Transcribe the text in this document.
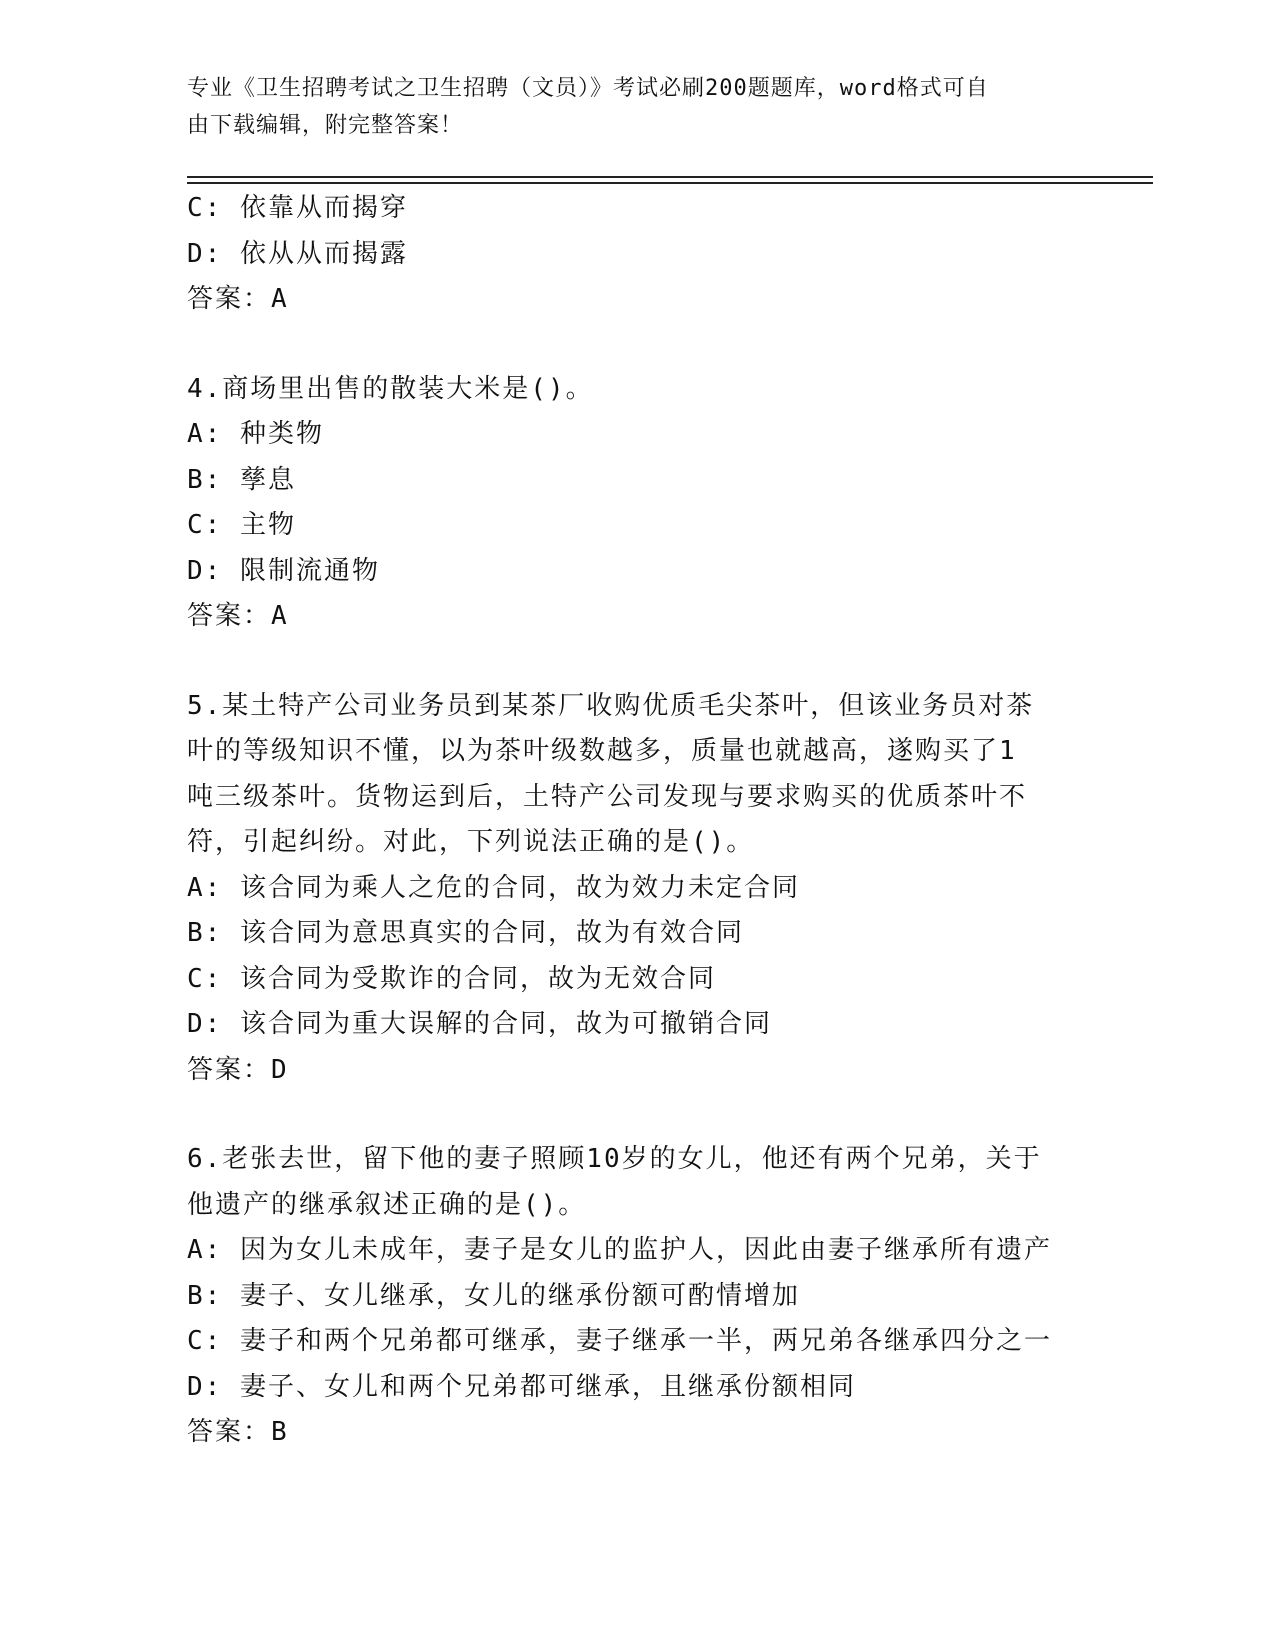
专业《卫生招聘考试之卫生招聘（文员）》考试必刷200题题库，word格式可自
由下载编辑，附完整答案！
C: 依靠从而揭穿
D: 依从从而揭露
答案：A
4.商场里出售的散装大米是()。
A: 种类物
B: 孳息
C: 主物
D: 限制流通物
答案：A
5.某土特产公司业务员到某茶厂收购优质毛尖茶叶，但该业务员对茶
叶的等级知识不懂，以为茶叶级数越多，质量也就越高，遂购买了1
吨三级茶叶。货物运到后，土特产公司发现与要求购买的优质茶叶不
符，引起纠纷。对此，下列说法正确的是()。
A: 该合同为乘人之危的合同，故为效力未定合同
B: 该合同为意思真实的合同，故为有效合同
C: 该合同为受欺诈的合同，故为无效合同
D: 该合同为重大误解的合同，故为可撤销合同
答案：D
6.老张去世，留下他的妻子照顾10岁的女儿，他还有两个兄弟，关于
他遗产的继承叙述正确的是()。
A: 因为女儿未成年，妻子是女儿的监护人，因此由妻子继承所有遗产
B: 妻子、女儿继承，女儿的继承份额可酌情增加
C: 妻子和两个兄弟都可继承，妻子继承一半，两兄弟各继承四分之一
D: 妻子、女儿和两个兄弟都可继承，且继承份额相同
答案：B
